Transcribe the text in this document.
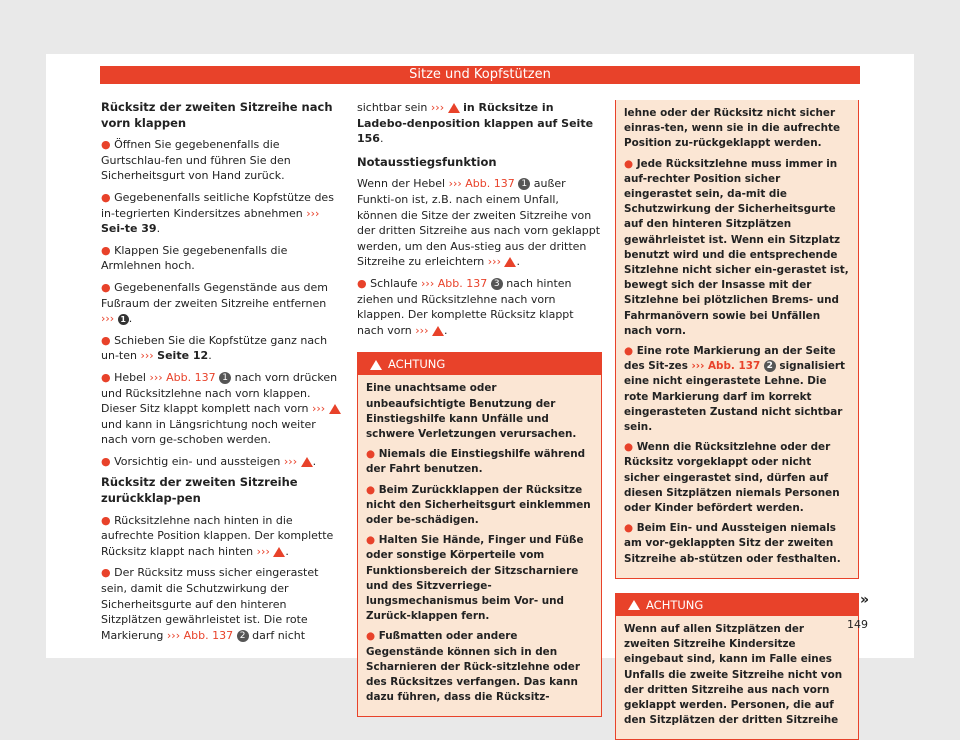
Sitze und Kopfstützen
Rücksitz der zweiten Sitzreihe nach vorn klappen

● Öffnen Sie gegebenenfalls die Gurtschlau-fen und führen Sie den Sicherheitsgurt von Hand zurück.

● Gegebenenfalls seitliche Kopfstütze des in-tegrierten Kindersitzes abnehmen ››› Sei-te 39.

● Klappen Sie gegebenenfalls die Armlehnen hoch.

● Gegebenenfalls Gegenstände aus dem Fußraum der zweiten Sitzreihe entfernen ››› 1 .

● Schieben Sie die Kopfstütze ganz nach un-ten ››› Seite 12.

● Hebel ››› Abb. 137 1 nach vorn drücken und Rücksitzlehne nach vorn klappen. Dieser Sitz klappt komplett nach vorn ›››  und kann in Längsrichtung noch weiter nach vorn ge-schoben werden.

● Vorsichtig ein- und aussteigen ››› .

Rücksitz der zweiten Sitzreihe zurückklap-pen

● Rücksitzlehne nach hinten in die aufrechte Position klappen. Der komplette Rücksitz klappt nach hinten ››› .

● Der Rücksitz muss sicher eingerastet sein, damit die Schutzwirkung der Sicherheitsgurte auf den hinteren Sitzplätzen gewährleistet ist. Die rote Markierung ››› Abb. 137 2 darf nicht

sichtbar sein ››› in Rücksitze in Ladebo-denposition klappen auf Seite 156.

Notausstiegsfunktion

Wenn der Hebel ››› Abb. 137 1 außer Funkti-on ist, z.B. nach einem Unfall, können die Sitze der zweiten Sitzreihe von der dritten Sitzreihe aus nach vorn geklappt werden, um den Aus-stieg aus der dritten Sitzreihe zu erleichtern ››› .

● Schlaufe ››› Abb. 137 3 nach hinten ziehen und Rücksitzlehne nach vorn klappen. Der komplette Rücksitz klappt nach vorn ››› .

ACHTUNG

Eine unachtsame oder unbeaufsichtigte Benutzung der Einstiegshilfe kann Unfälle und schwere Verletzungen verursachen.

● Niemals die Einstiegshilfe während der Fahrt benutzen.

● Beim Zurückklappen der Rücksitze nicht den Sicherheitsgurt einklemmen oder be-schädigen.

● Halten Sie Hände, Finger und Füße oder sonstige Körperteile vom Funktionsbereich der Sitzscharniere und des Sitzverriege-lungsmechanismus beim Vor- und Zurück-klappen fern.

● Fußmatten oder andere Gegenstände können sich in den Scharnieren der Rück-sitzlehne oder des Rücksitzes verfangen. Das kann dazu führen, dass die Rücksitz-

lehne oder der Rücksitz nicht sicher einras-ten, wenn sie in die aufrechte Position zu-rückgeklappt werden.

● Jede Rücksitzlehne muss immer in auf-rechter Position sicher eingerastet sein, da-mit die Schutzwirkung der Sicherheitsgurte auf den hinteren Sitzplätzen gewährleistet ist. Wenn ein Sitzplatz benutzt wird und die entsprechende Sitzlehne nicht sicher ein-gerastet ist, bewegt sich der Insasse mit der Sitzlehne bei plötzlichen Brems- und Fahrmanövern sowie bei Unfällen nach vorn.

● Eine rote Markierung an der Seite des Sit-zes ››› Abb. 137 2 signalisiert eine nicht eingerastete Lehne. Die rote Markierung darf im korrekt eingerasteten Zustand nicht sichtbar sein.

● Wenn die Rücksitzlehne oder der Rücksitz vorgeklappt oder nicht sicher eingerastet sind, dürfen auf diesen Sitzplätzen niemals Personen oder Kinder befördert werden.

● Beim Ein- und Aussteigen niemals am vor-geklappten Sitz der zweiten Sitzreihe ab-stützen oder festhalten.

ACHTUNG

Wenn auf allen Sitzplätzen der zweiten Sitzreihe Kindersitze eingebaut sind, kann im Falle eines Unfalls die zweite Sitzreihe nicht von der dritten Sitzreihe aus nach vorn geklappt werden. Personen, die auf den Sitzplätzen der dritten Sitzreihe

»
149
